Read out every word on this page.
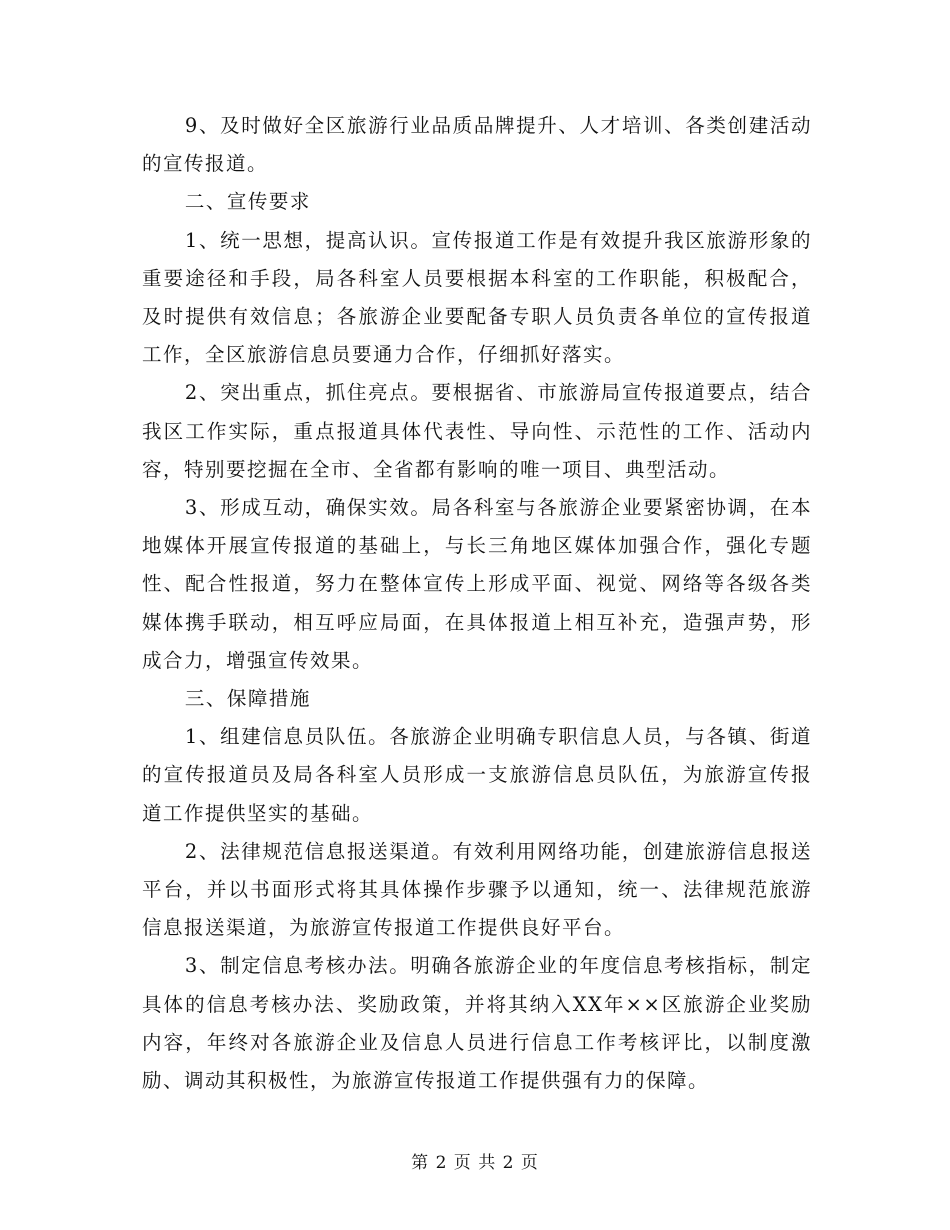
9、及时做好全区旅游行业品质品牌提升、人才培训、各类创建活动的宣传报道。

二、宣传要求

1、统一思想，提高认识。宣传报道工作是有效提升我区旅游形象的重要途径和手段，局各科室人员要根据本科室的工作职能，积极配合，及时提供有效信息；各旅游企业要配备专职人员负责各单位的宣传报道工作，全区旅游信息员要通力合作，仔细抓好落实。

2、突出重点，抓住亮点。要根据省、市旅游局宣传报道要点，结合我区工作实际，重点报道具体代表性、导向性、示范性的工作、活动内容，特别要挖掘在全市、全省都有影响的唯一项目、典型活动。

3、形成互动，确保实效。局各科室与各旅游企业要紧密协调，在本地媒体开展宣传报道的基础上，与长三角地区媒体加强合作，强化专题性、配合性报道，努力在整体宣传上形成平面、视觉、网络等各级各类媒体携手联动，相互呼应局面，在具体报道上相互补充，造强声势，形成合力，增强宣传效果。

三、保障措施

1、组建信息员队伍。各旅游企业明确专职信息人员，与各镇、街道的宣传报道员及局各科室人员形成一支旅游信息员队伍，为旅游宣传报道工作提供坚实的基础。

2、法律规范信息报送渠道。有效利用网络功能，创建旅游信息报送平台，并以书面形式将其具体操作步骤予以通知，统一、法律规范旅游信息报送渠道，为旅游宣传报道工作提供良好平台。

3、制定信息考核办法。明确各旅游企业的年度信息考核指标，制定具体的信息考核办法、奖励政策，并将其纳入XX年××区旅游企业奖励内容，年终对各旅游企业及信息人员进行信息工作考核评比，以制度激励、调动其积极性，为旅游宣传报道工作提供强有力的保障。

第 2 页 共 2 页
